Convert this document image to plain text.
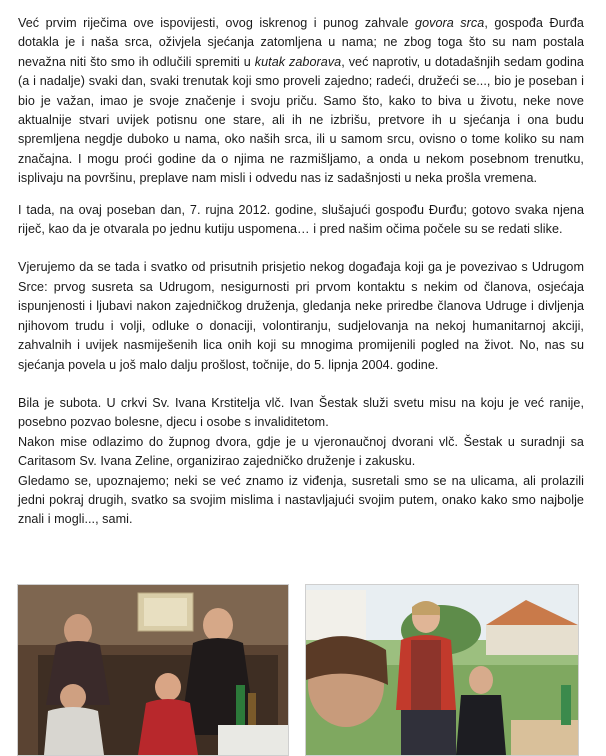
Već prvim riječima ove ispovijesti, ovog iskrenog i punog zahvale govora srca, gospođa Đurđa dotakla je i naša srca, oživjela sjećanja zatomljena u nama; ne zbog toga što su nam postala nevažna niti što smo ih odlučili spremiti u kutak zaborava, već naprotiv, u dotadašnjih sedam godina (a i nadalje) svaki dan, svaki trenutak koji smo proveli zajedno; radeći, družeći se..., bio je poseban i bio je važan, imao je svoje značenje i svoju priču. Samo što, kako to biva u životu, neke nove aktualnije stvari uvijek potisnu one stare, ali ih ne izbrišu, pretvore ih u sjećanja i ona budu spremljena negdje duboko u nama, oko naših srca, ili u samom srcu, ovisno o tome koliko su nam značajna. I mogu proći godine da o njima ne razmišljamo, a onda u nekom posebnom trenutku, isplivaju na površinu, preplave nam misli i odvedu nas iz sadašnjosti u neka prošla vremena.

I tada, na ovaj poseban dan, 7. rujna 2012. godine, slušajući gospođu Đurđu; gotovo svaka njena riječ, kao da je otvarala po jednu kutiju uspomena… i pred našim očima počele su se redati slike.

Vjerujemo da se tada i svatko od prisutnih prisjetio nekog događaja koji ga je povezivao s Udrugom Srce: prvog susreta sa Udrugom, nesigurnosti pri prvom kontaktu s nekim od članova, osjećaja ispunjenosti i ljubavi nakon zajedničkog druženja, gledanja neke priredbe članova Udruge i divljenja njihovom trudu i volji, odluke o donaciji, volontiranju, sudjelovanja na nekoj humanitarnoj akciji, zahvalnih i uvijek nasmiješenih lica onih koji su mnogima promijenili pogled na život. No, nas su sjećanja povela u još malo dalju prošlost, točnije, do 5. lipnja 2004. godine.

Bila je subota. U crkvi Sv. Ivana Krstitelja vlč. Ivan Šestak služi svetu misu na koju je već ranije, posebno pozvao bolesne, djecu i osobe s invaliditetom.

Nakon mise odlazimo do župnog dvora, gdje je u vjeronaučnoj dvorani vlč. Šestak u suradnji sa Caritasom Sv. Ivana Zeline, organizirao zajedničko druženje i zakusku.

Gledamo se, upoznajemo; neki se već znamo iz viđenja, susretali smo se na ulicama, ali prolazili jedni pokraj drugih, svatko sa svojim mislima i nastavljajući svojim putem, onako kako smo najbolje znali i mogli..., sami.
